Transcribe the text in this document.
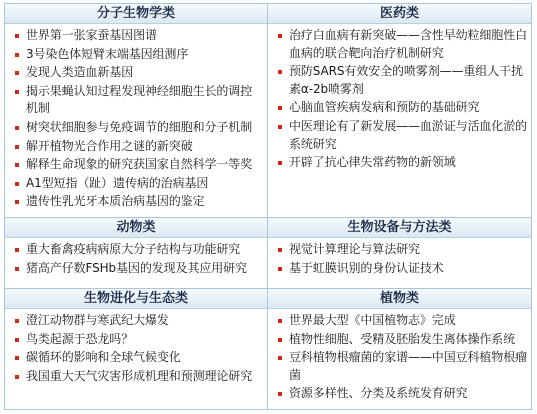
分子生物学类
世界第一张家蚕基因图谱
3号染色体短臂末端基因组测序
发现人类造血新基因
揭示果蝇认知过程发现神经细胞生长的调控机制
树突状细胞参与免疫调节的细胞和分子机制
解开植物光合作用之谜的新突破
解释生命现象的研究获国家自然科学一等奖
A1型短指（趾）遗传病的治病基因
遗传性乳光牙本质治病基因的鉴定
医药类
治疗白血病有新突破——含性早幼粒细胞性白血病的联合靶向治疗机制研究
预防SARS有效安全的喷雾剂——重组人干扰素α-2b喷雾剂
心脑血管疾病发病和预防的基础研究
中医理论有了新发展——血淤证与活血化淤的系统研究
开辟了抗心律失常药物的新领域
动物类
重大畜禽疫病病原大分子结构与功能研究
猪高产仔数FSHb基因的发现及其应用研究
生物设备与方法类
视觉计算理论与算法研究
基于虹膜识别的身份认证技术
生物进化与生态类
澄江动物群与寒武纪大爆发
鸟类起源于恐龙吗？
碳循环的影响和全球气候变化
我国重大天气灾害形成机理和预测理论研究
植物类
世界最大型《中国植物志》完成
植物性细胞、受精及胚胎发生离体操作系统
豆科植物根瘤菌的家谱——中国豆科植物根瘤菌
资源多样性、分类及系统发育研究
